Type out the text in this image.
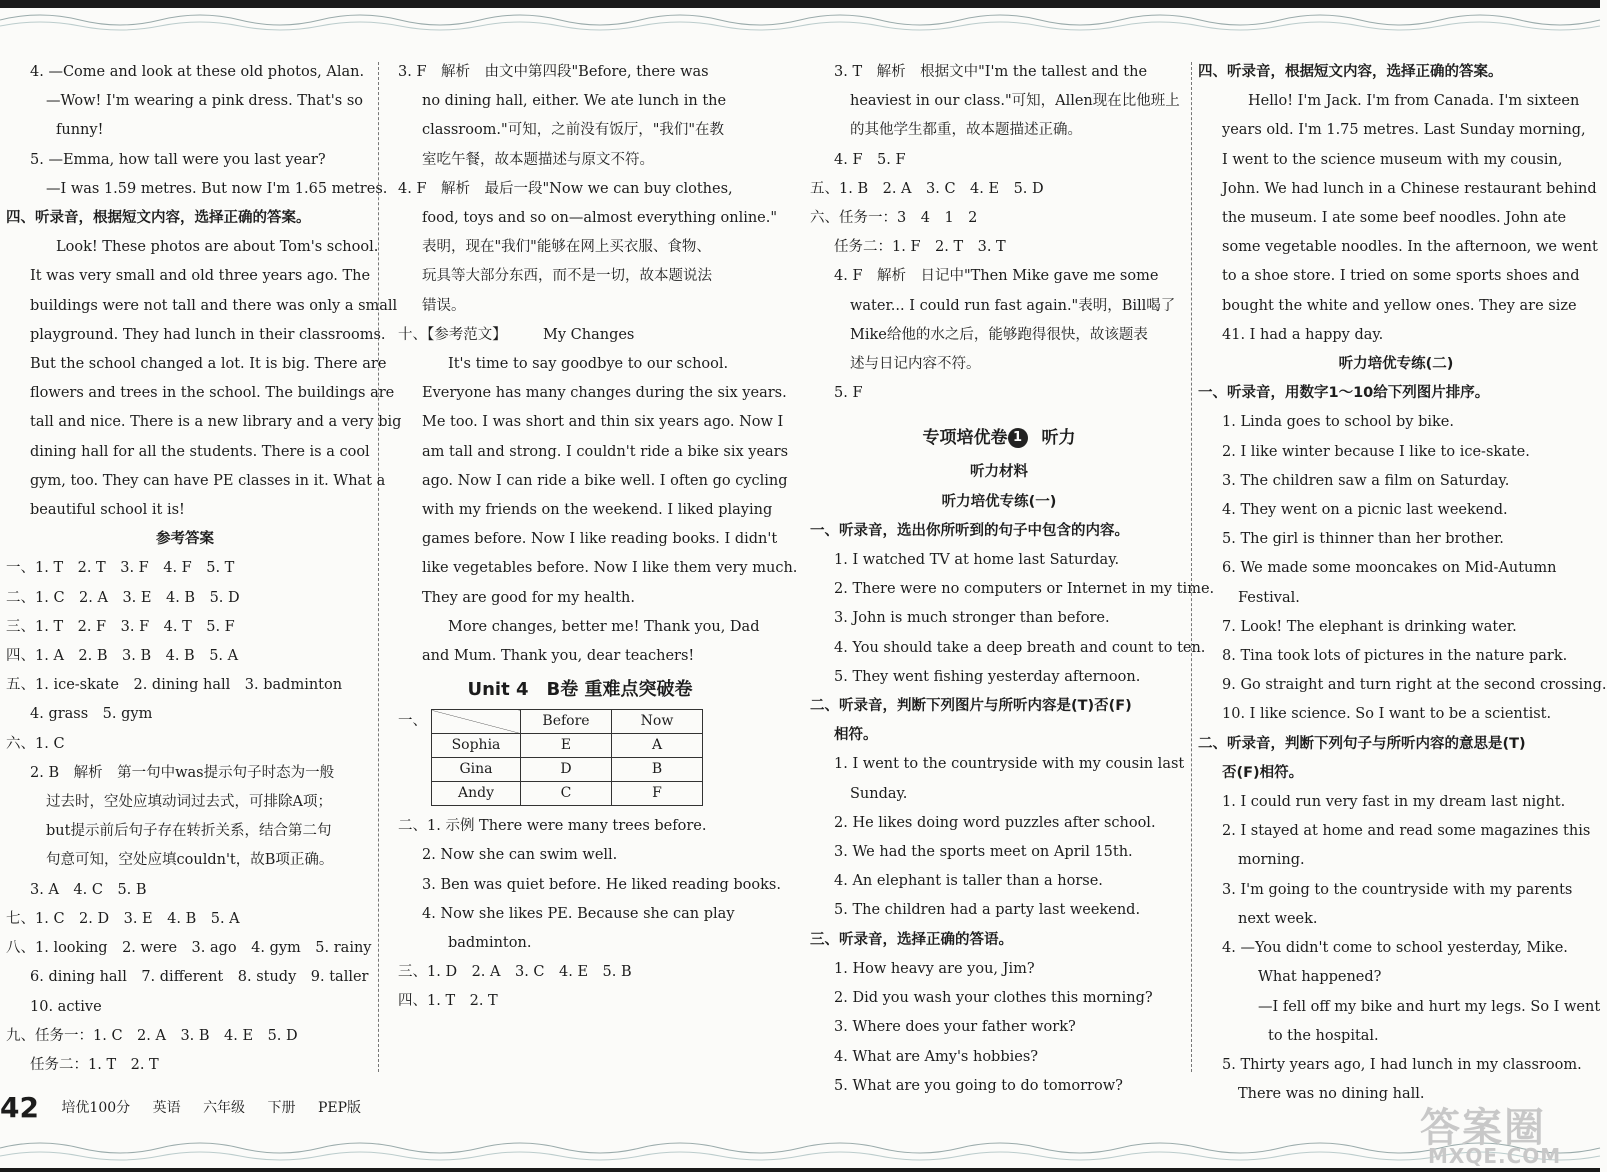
4. —Come and look at these old photos, Alan.
—Wow! I'm wearing a pink dress. That's so
funny!
5. —Emma, how tall were you last year?
—I was 1.59 metres. But now I'm 1.65 metres.
四、听录音，根据短文内容，选择正确的答案。
Look! These photos are about Tom's school.
It was very small and old three years ago. The
buildings were not tall and there was only a small
playground. They had lunch in their classrooms.
But the school changed a lot. It is big. There are
flowers and trees in the school. The buildings are
tall and nice. There is a new library and a very big
dining hall for all the students. There is a cool
gym, too. They can have PE classes in it. What a
beautiful school it is!
参考答案
一、1. T　2. T　3. F　4. F　5. T
二、1. C　2. A　3. E　4. B　5. D
三、1. T　2. F　3. F　4. T　5. F
四、1. A　2. B　3. B　4. B　5. A
五、1. ice-skate　2. dining hall　3. badminton
4. grass　5. gym
六、1. C
2. B　解析　第一句中was提示句子时态为一般
过去时，空处应填动词过去式，可排除A项；
but提示前后句子存在转折关系，结合第二句
句意可知，空处应填couldn't，故B项正确。
3. A　4. C　5. B
七、1. C　2. D　3. E　4. B　5. A
八、1. looking　2. were　3. ago　4. gym　5. rainy
6. dining hall　7. different　8. study　9. taller
10. active
九、任务一：1. C　2. A　3. B　4. E　5. D
任务二：1. T　2. T
3. F　解析　由文中第四段"Before, there was
no dining hall, either. We ate lunch in the
classroom."可知，之前没有饭厅，"我们"在教
室吃午餐，故本题描述与原文不符。
4. F　解析　最后一段"Now we can buy clothes,
food, toys and so on—almost everything online."
表明，现在"我们"能够在网上买衣服、食物、
玩具等大部分东西，而不是一切，故本题说法
错误。
十、【参考范文】　　　My Changes
It's time to say goodbye to our school.
Everyone has many changes during the six years.
Me too. I was short and thin six years ago. Now I
am tall and strong. I couldn't ride a bike six years
ago. Now I can ride a bike well. I often go cycling
with my friends on the weekend. I liked playing
games before. Now I like reading books. I didn't
like vegetables before. Now I like them very much.
They are good for my health.
More changes, better me! Thank you, Dad
and Mum. Thank you, dear teachers!
Unit 4　B卷 重难点突破卷
一、
		Before	Now
Sophia	E	A
Gina	D	B
Andy	C	F
二、1. 示例 There were many trees before.
2. Now she can swim well.
3. Ben was quiet before. He liked reading books.
4. Now she likes PE. Because she can play
badminton.
三、1. D　2. A　3. C　4. E　5. B
四、1. T　2. T
3. T　解析　根据文中"I'm the tallest and the
heaviest in our class."可知，Allen现在比他班上
的其他学生都重，故本题描述正确。
4. F　5. F
五、1. B　2. A　3. C　4. E　5. D
六、任务一：3　4　1　2
任务二：1. F　2. T　3. T
4. F　解析　日记中"Then Mike gave me some
water... I could run fast again."表明，Bill喝了
Mike给他的水之后，能够跑得很快，故该题表
述与日记内容不符。
5. F
专项培优卷 1 听力
听力材料
听力培优专练(一)
一、听录音，选出你所听到的句子中包含的内容。
1. I watched TV at home last Saturday.
2. There were no computers or Internet in my time.
3. John is much stronger than before.
4. You should take a deep breath and count to ten.
5. They went fishing yesterday afternoon.
二、听录音，判断下列图片与所听内容是(T)否(F)
相符。
1. I went to the countryside with my cousin last
Sunday.
2. He likes doing word puzzles after school.
3. We had the sports meet on April 15th.
4. An elephant is taller than a horse.
5. The children had a party last weekend.
三、听录音，选择正确的答语。
1. How heavy are you, Jim?
2. Did you wash your clothes this morning?
3. Where does your father work?
4. What are Amy's hobbies?
5. What are you going to do tomorrow?
四、听录音，根据短文内容，选择正确的答案。
Hello! I'm Jack. I'm from Canada. I'm sixteen
years old. I'm 1.75 metres. Last Sunday morning,
I went to the science museum with my cousin,
John. We had lunch in a Chinese restaurant behind
the museum. I ate some beef noodles. John ate
some vegetable noodles. In the afternoon, we went
to a shoe store. I tried on some sports shoes and
bought the white and yellow ones. They are size
41. I had a happy day.
听力培优专练(二)
一、听录音，用数字1～10给下列图片排序。
1. Linda goes to school by bike.
2. I like winter because I like to ice-skate.
3. The children saw a film on Saturday.
4. They went on a picnic last weekend.
5. The girl is thinner than her brother.
6. We made some mooncakes on Mid-Autumn
Festival.
7. Look! The elephant is drinking water.
8. Tina took lots of pictures in the nature park.
9. Go straight and turn right at the second crossing.
10. I like science. So I want to be a scientist.
二、听录音，判断下列句子与所听内容的意思是(T)
否(F)相符。
1. I could run very fast in my dream last night.
2. I stayed at home and read some magazines this
morning.
3. I'm going to the countryside with my parents
next week.
4. —You didn't come to school yesterday, Mike.
What happened?
—I fell off my bike and hurt my legs. So I went
to the hospital.
5. Thirty years ago, I had lunch in my classroom.
There was no dining hall.
42 培优100分 英语 六年级 下册 PEP版	答案圈
MXQE.COM
